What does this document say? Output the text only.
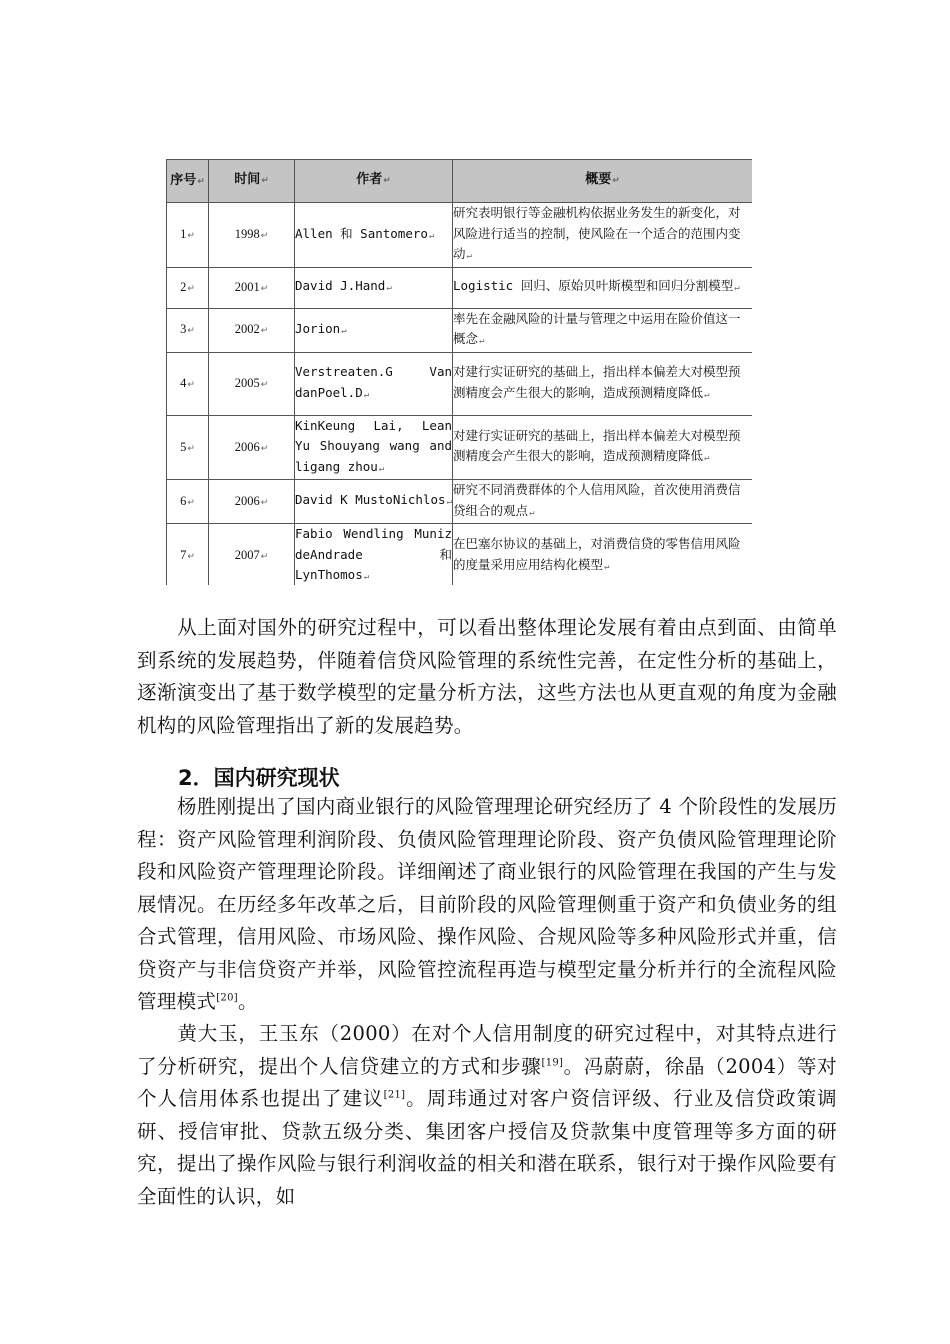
序号↵	时间↵	作者↵	概要↵
1↵	1998↵	Allen 和 Santomero↵	研究表明银行等金融机构依据业务发生的新变化，对风险进行适当的控制，使风险在一个适合的范围内变动↵
2↵	2001↵	David J.Hand↵	Logistic 回归、原始贝叶斯模型和回归分割模型↵
3↵	2002↵	Jorion↵	率先在金融风险的计量与管理之中运用在险价值这一概念↵
4↵	2005↵	Verstreaten.G Van danPoel.D↵	对建行实证研究的基础上，指出样本偏差大对模型预测精度会产生很大的影响，造成预测精度降低↵
5↵	2006↵	KinKeung Lai, Lean Yu Shouyang wang and ligang zhou↵	对建行实证研究的基础上，指出样本偏差大对模型预测精度会产生很大的影响，造成预测精度降低↵
6↵	2006↵	David K MustoNichlos↵	研究不同消费群体的个人信用风险，首次使用消费信贷组合的观点↵
7↵	2007↵	Fabio Wendling Muniz deAndrade 和 LynThomos↵	在巴塞尔协议的基础上，对消费信贷的零售信用风险的度量采用应用结构化模型↵

从上面对国外的研究过程中，可以看出整体理论发展有着由点到面、由简单到系统的发展趋势，伴随着信贷风险管理的系统性完善，在定性分析的基础上，逐渐演变出了基于数学模型的定量分析方法，这些方法也从更直观的角度为金融机构的风险管理指出了新的发展趋势。

2．国内研究现状

杨胜刚提出了国内商业银行的风险管理理论研究经历了 4 个阶段性的发展历程：资产风险管理利润阶段、负债风险管理理论阶段、资产负债风险管理理论阶段和风险资产管理理论阶段。详细阐述了商业银行的风险管理在我国的产生与发展情况。在历经多年改革之后，目前阶段的风险管理侧重于资产和负债业务的组合式管理，信用风险、市场风险、操作风险、合规风险等多种风险形式并重，信贷资产与非信贷资产并举，风险管控流程再造与模型定量分析并行的全流程风险管理模式[20]。

黄大玉，王玉东（2000）在对个人信用制度的研究过程中，对其特点进行了分析研究，提出个人信贷建立的方式和步骤[19]。冯蔚蔚，徐晶（2004）等对个人信用体系也提出了建议[21]。周玮通过对客户资信评级、行业及信贷政策调研、授信审批、贷款五级分类、集团客户授信及贷款集中度管理等多方面的研究，提出了操作风险与银行利润收益的相关和潜在联系，银行对于操作风险要有全面性的认识，如
